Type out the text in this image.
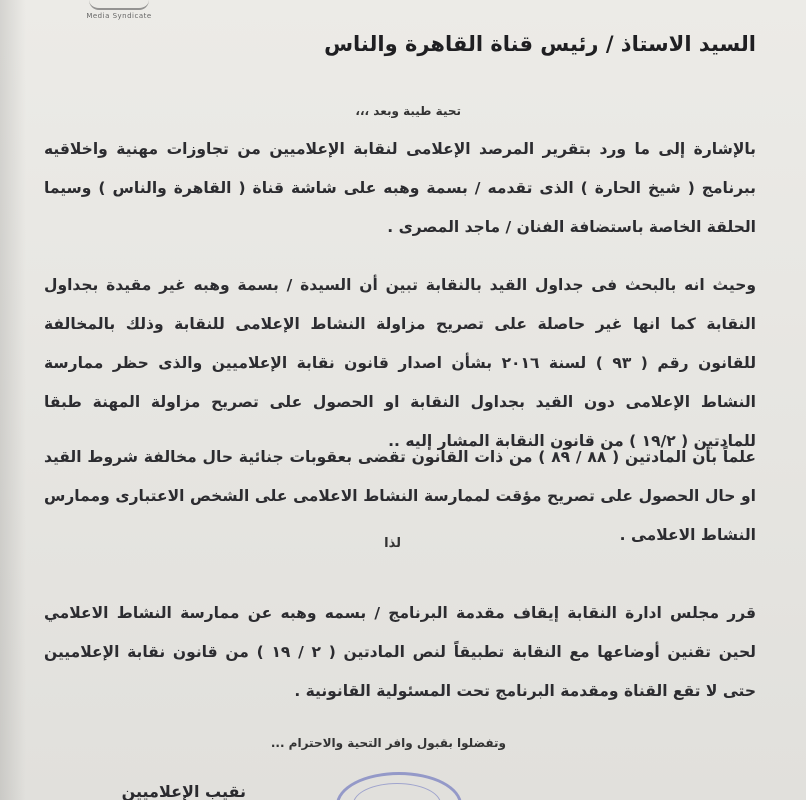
Media Syndicate
السيد الاستاذ / رئيس قناة القاهرة والناس
تحية طيبة وبعد ،،،
بالإشارة إلى ما ورد بتقرير المرصد الإعلامى لنقابة الإعلاميين من تجاوزات مهنية واخلاقيه ببرنامج ( شيخ الحارة ) الذى تقدمه / بسمة وهبه على شاشة قناة ( القاهرة والناس ) وسيما الحلقة الخاصة باستضافة الفنان / ماجد المصرى .
وحيث انه بالبحث فى جداول القيد بالنقابة تبين أن السيدة / بسمة وهبه غير مقيدة بجداول النقابة كما انها غير حاصلة على تصريح مزاولة النشاط الإعلامى للنقابة وذلك بالمخالفة للقانون رقم ( ٩٣ ) لسنة ٢٠١٦ بشأن اصدار قانون نقابة الإعلاميين والذى حظر ممارسة النشاط الإعلامى دون القيد بجداول النقابة او الحصول على تصريح مزاولة المهنة طبقا للمادتين ( ١٩/٢ ) من قانون النقابة المشار إليه ..
علماً بأن المادتين ( ٨٨ / ٨٩ ) من ذات القانون تقضى بعقوبات جنائية حال مخالفة شروط القيد او حال الحصول على تصريح مؤقت لممارسة النشاط الاعلامى على الشخص الاعتبارى وممارس النشاط الاعلامى .
لذا
قرر مجلس ادارة النقابة إيقاف مقدمة البرنامج / بسمه وهبه عن ممارسة النشاط الاعلامي لحين تقنين أوضاعها مع النقابة تطبيقاً لنص المادتين ( ٢ / ١٩ ) من قانون نقابة الإعلاميين حتى لا تقع القناة ومقدمة البرنامج تحت المسئولية القانونية .
وتفضلوا بقبول وافر التحية والاحترام ...
نقيب الإعلاميين
